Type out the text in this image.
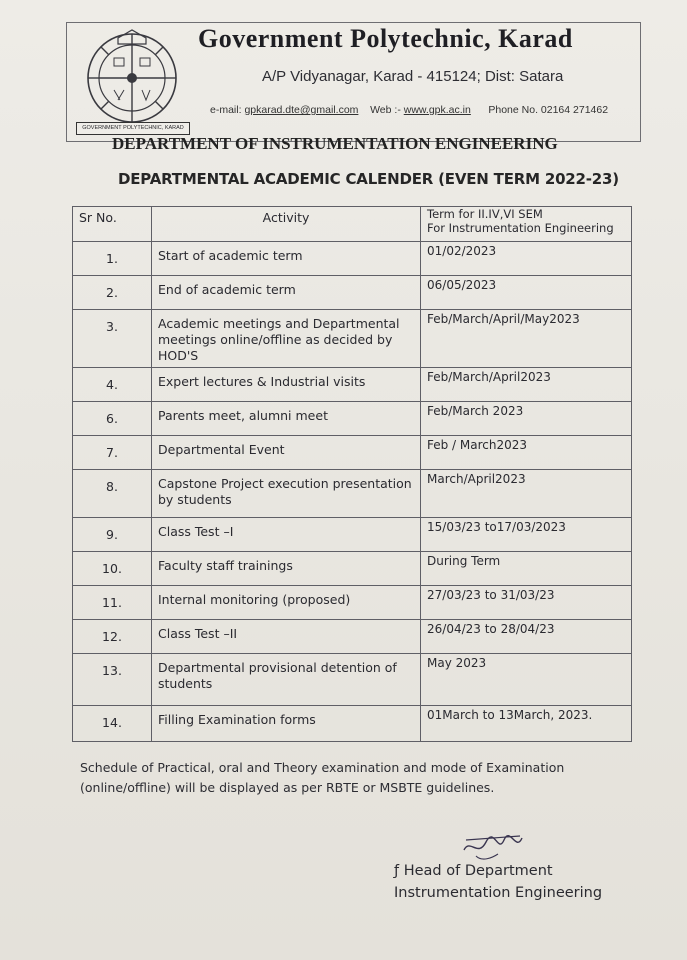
GOVERNMENT POLYTECHNIC, KARAD
Government Polytechnic, Karad
A/P Vidyanagar, Karad - 415124; Dist: Satara
e-mail: gpkarad.dte@gmail.com Web :- www.gpk.ac.in Phone No. 02164 271462
DEPARTMENT OF INSTRUMENTATION ENGINEERING
DEPARTMENTAL ACADEMIC CALENDER (EVEN TERM 2022-23)
Sr No.	Activity	Term for II.IV,VI SEM
For Instrumentation Engineering

1.	Start of academic term	01/02/2023
2.	End of academic term	06/05/2023
3.	Academic meetings and Departmental meetings online/offline as decided by HOD'S	Feb/March/April/May2023
4.	Expert lectures & Industrial visits	Feb/March/April2023
6.	Parents meet, alumni meet	Feb/March 2023
7.	Departmental Event	Feb / March2023
8.	Capstone Project execution presentation by students	March/April2023
9.	Class Test –I	15/03/23 to17/03/2023
10.	Faculty staff trainings	During Term
11.	Internal monitoring (proposed)	27/03/23 to 31/03/23
12.	Class Test –II	26/04/23 to 28/04/23
13.	Departmental provisional detention of students	May 2023
14.	Filling Examination forms	01March to 13March, 2023.
Schedule of Practical, oral and Theory examination and mode of Examination (online/offline) will be displayed as per RBTE or MSBTE guidelines.
ƒ Head of Department
Instrumentation Engineering
